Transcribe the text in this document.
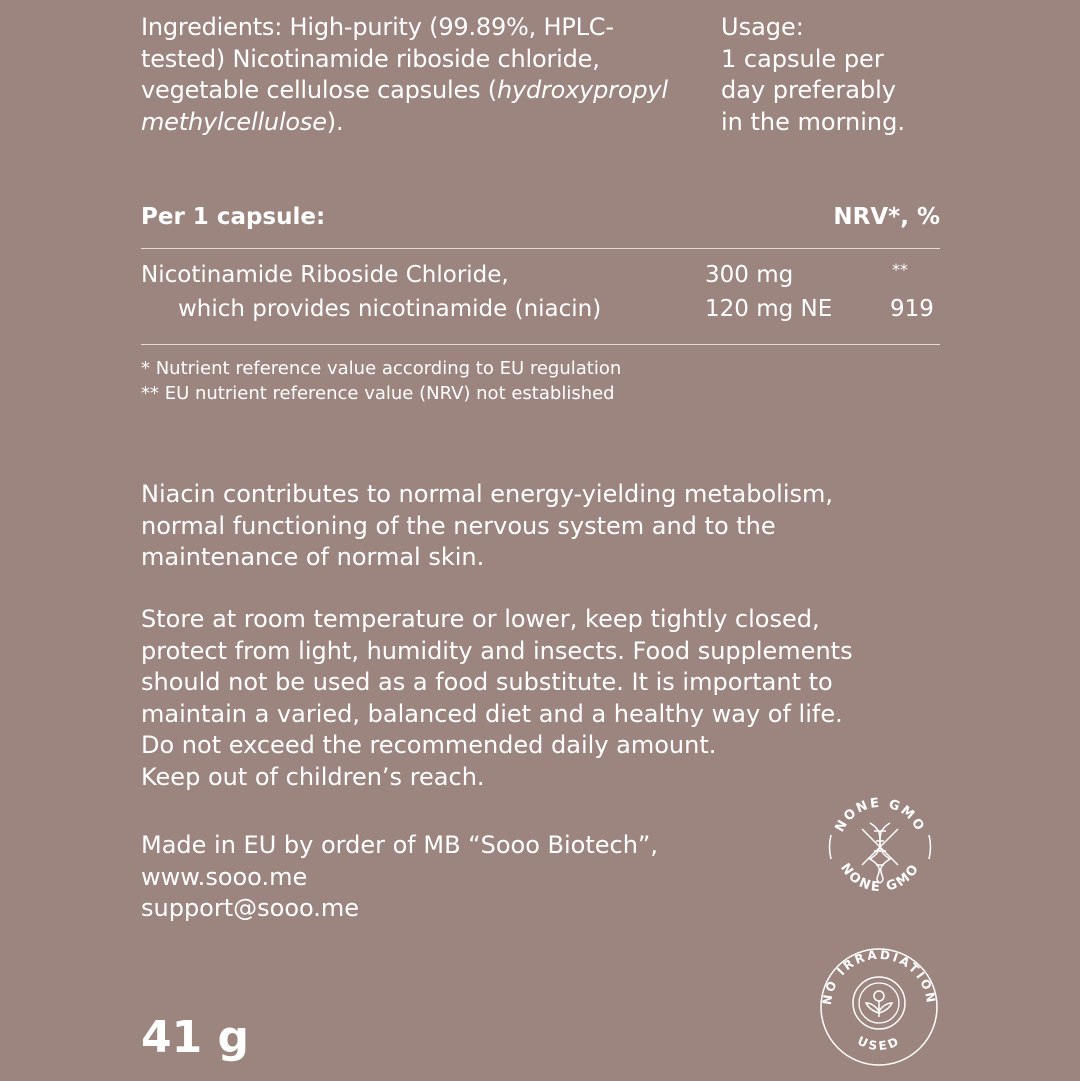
Ingredients: High-purity (99.89%, HPLC-tested) Nicotinamide riboside chloride, vegetable cellulose capsules (hydroxypropyl methylcellulose).
Usage:
1 capsule per
day preferably
in the morning.
Per 1 capsule:	NRV*, %
Nicotinamide Riboside Chloride,	300 mg	**
which provides nicotinamide (niacin)	120 mg NE	919
* Nutrient reference value according to EU regulation
** EU nutrient reference value (NRV) not established
Niacin contributes to normal energy-yielding metabolism,
normal functioning of the nervous system and to the
maintenance of normal skin.
Store at room temperature or lower, keep tightly closed,
protect from light, humidity and insects. Food supplements
should not be used as a food substitute. It is important to
maintain a varied, balanced diet and a healthy way of life.
Do not exceed the recommended daily amount.
Keep out of children’s reach.
Made in EU by order of MB “Sooo Biotech”,
www.sooo.me
support@sooo.me
41 g
NONE GMO
NONE GMO
NO IRRADIATION
USED
